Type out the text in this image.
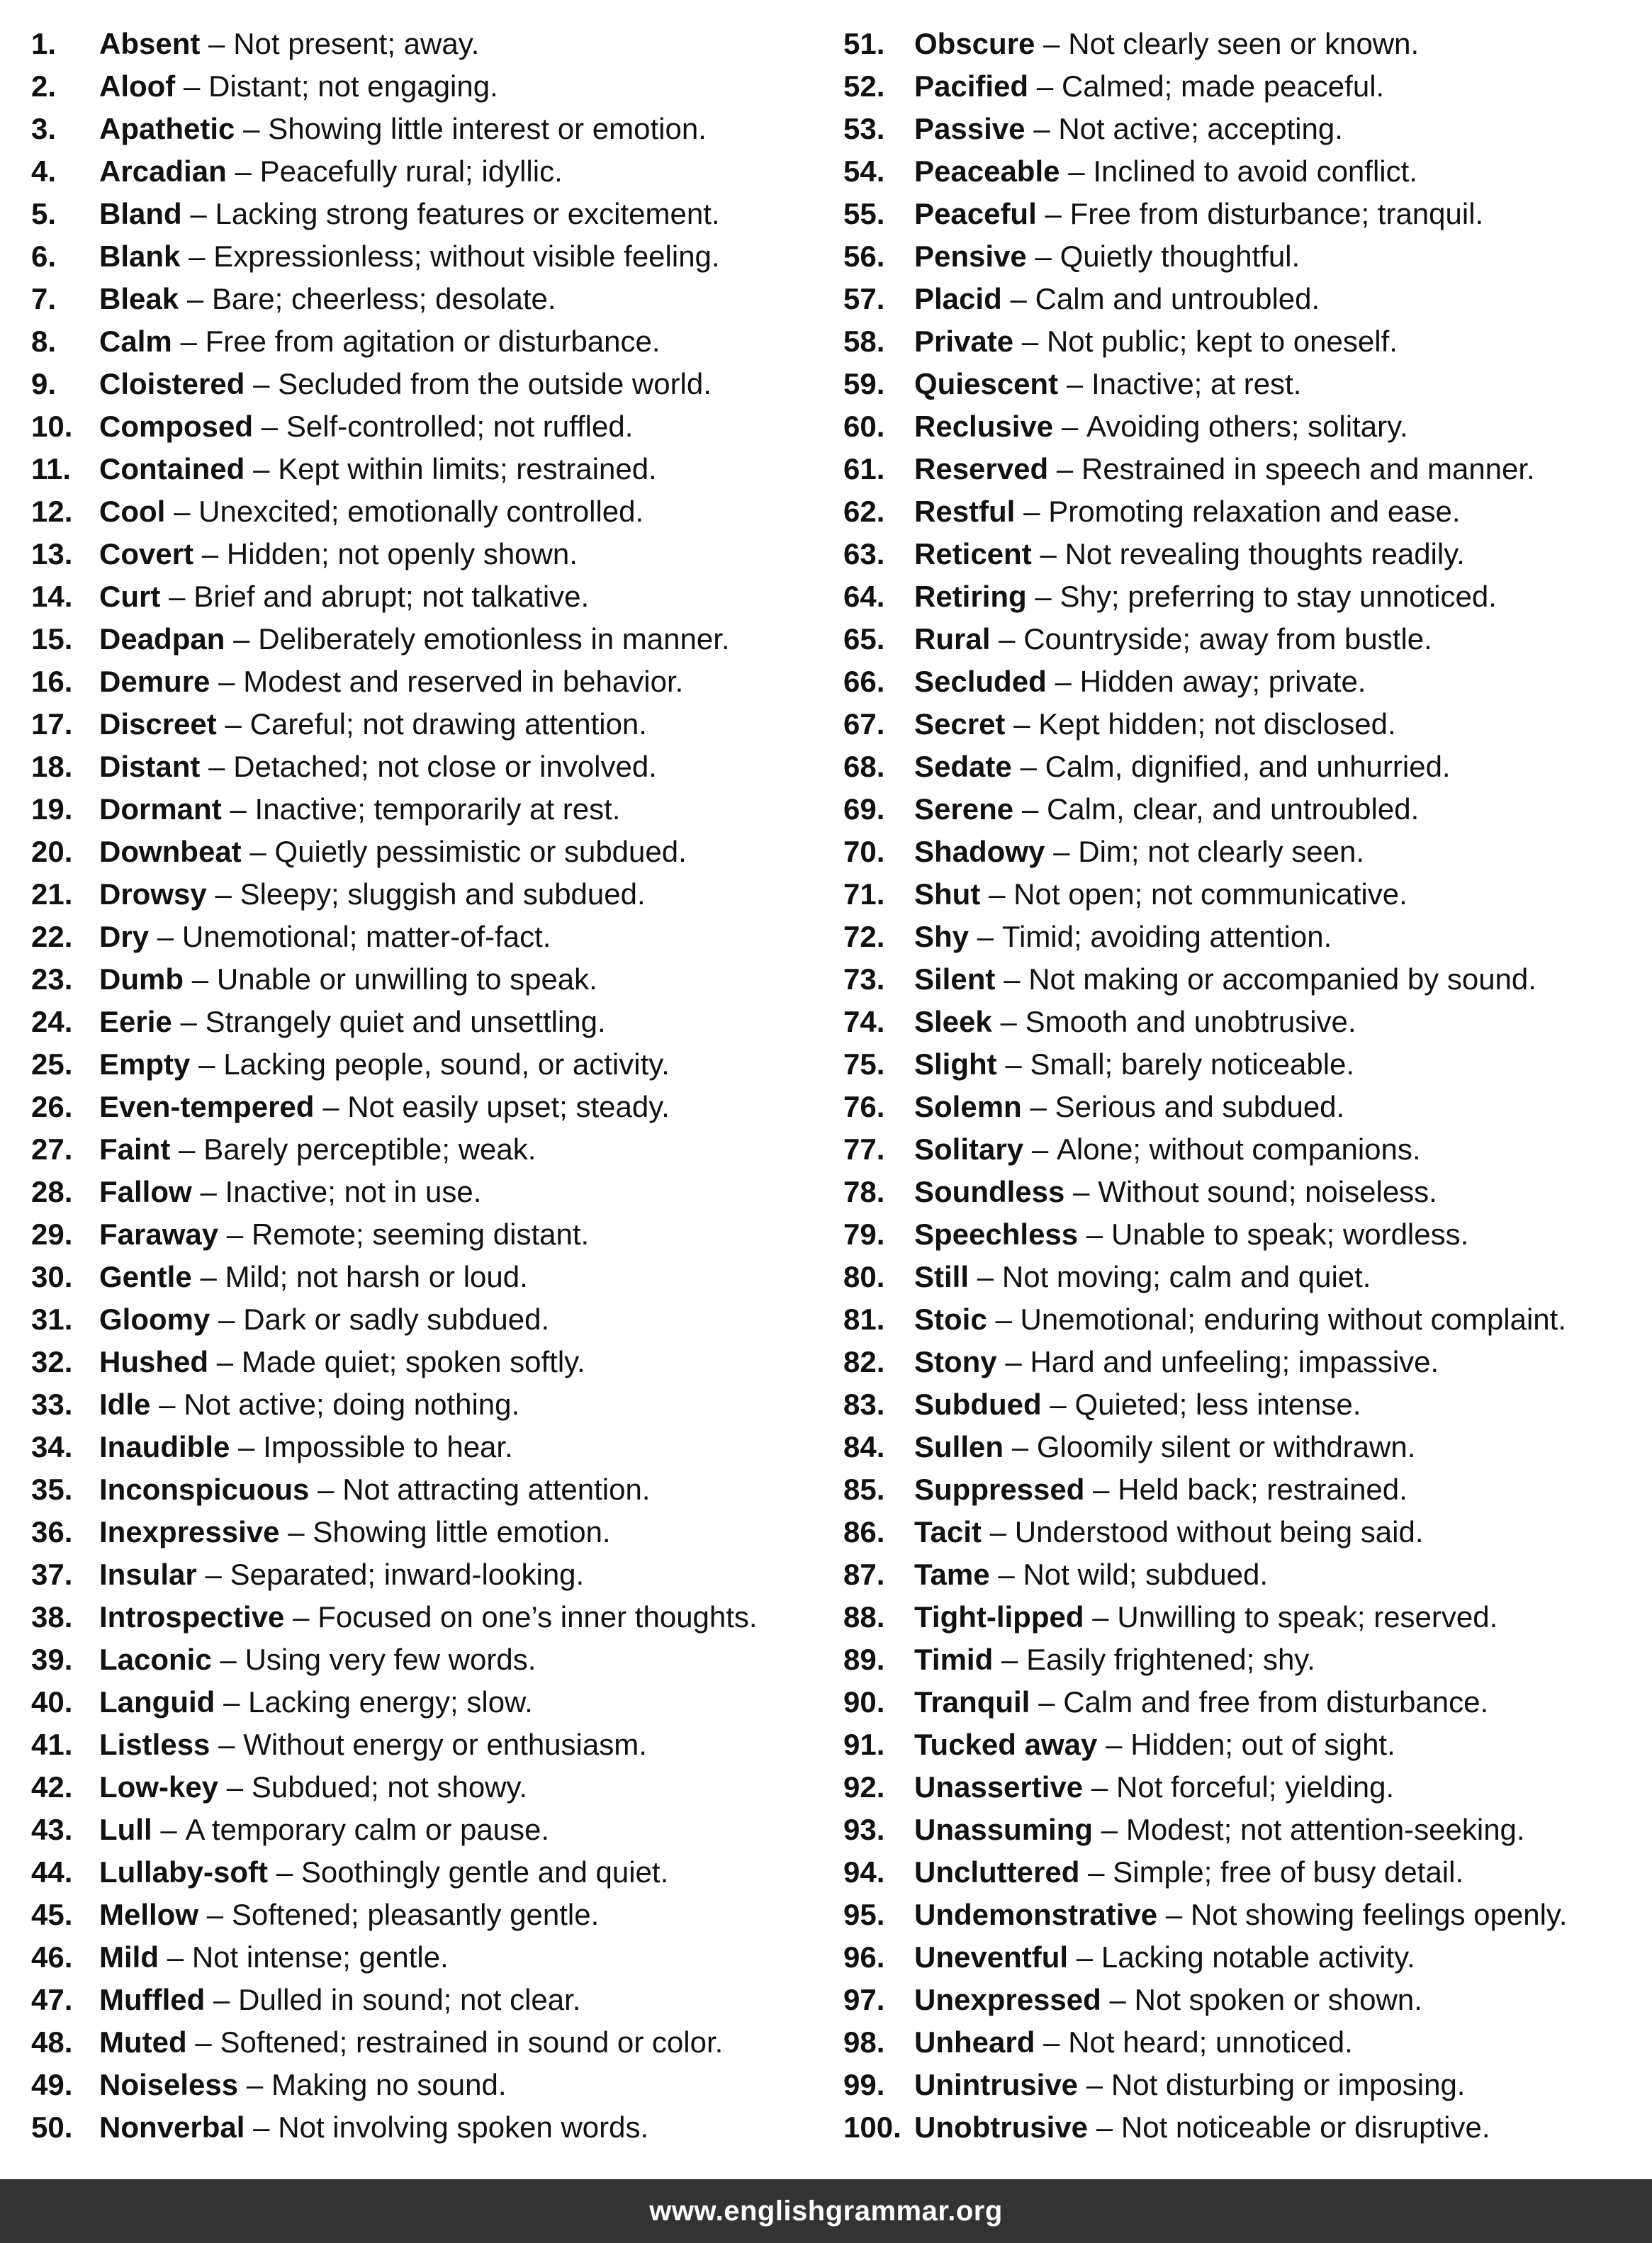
1.	Absent – Not present; away.
2.	Aloof – Distant; not engaging.
3.	Apathetic – Showing little interest or emotion.
4.	Arcadian – Peacefully rural; idyllic.
5.	Bland – Lacking strong features or excitement.
6.	Blank – Expressionless; without visible feeling.
7.	Bleak – Bare; cheerless; desolate.
8.	Calm – Free from agitation or disturbance.
9.	Cloistered – Secluded from the outside world.
10. Composed – Self-controlled; not ruffled.
11. Contained – Kept within limits; restrained.
12. Cool – Unexcited; emotionally controlled.
13. Covert – Hidden; not openly shown.
14. Curt – Brief and abrupt; not talkative.
15. Deadpan – Deliberately emotionless in manner.
16. Demure – Modest and reserved in behavior.
17. Discreet – Careful; not drawing attention.
18. Distant – Detached; not close or involved.
19. Dormant – Inactive; temporarily at rest.
20. Downbeat – Quietly pessimistic or subdued.
21. Drowsy – Sleepy; sluggish and subdued.
22. Dry – Unemotional; matter-of-fact.
23. Dumb – Unable or unwilling to speak.
24. Eerie – Strangely quiet and unsettling.
25. Empty – Lacking people, sound, or activity.
26. Even-tempered – Not easily upset; steady.
27. Faint – Barely perceptible; weak.
28. Fallow – Inactive; not in use.
29. Faraway – Remote; seeming distant.
30. Gentle – Mild; not harsh or loud.
31. Gloomy – Dark or sadly subdued.
32. Hushed – Made quiet; spoken softly.
33. Idle – Not active; doing nothing.
34. Inaudible – Impossible to hear.
35. Inconspicuous – Not attracting attention.
36. Inexpressive – Showing little emotion.
37. Insular – Separated; inward-looking.
38. Introspective – Focused on one’s inner thoughts.
39. Laconic – Using very few words.
40. Languid – Lacking energy; slow.
41. Listless – Without energy or enthusiasm.
42. Low-key – Subdued; not showy.
43. Lull – A temporary calm or pause.
44. Lullaby-soft – Soothingly gentle and quiet.
45. Mellow – Softened; pleasantly gentle.
46. Mild – Not intense; gentle.
47. Muffled – Dulled in sound; not clear.
48. Muted – Softened; restrained in sound or color.
49. Noiseless – Making no sound.
50. Nonverbal – Not involving spoken words.
51. Obscure – Not clearly seen or known.
52. Pacified – Calmed; made peaceful.
53. Passive – Not active; accepting.
54. Peaceable – Inclined to avoid conflict.
55. Peaceful – Free from disturbance; tranquil.
56. Pensive – Quietly thoughtful.
57. Placid – Calm and untroubled.
58. Private – Not public; kept to oneself.
59. Quiescent – Inactive; at rest.
60. Reclusive – Avoiding others; solitary.
61. Reserved – Restrained in speech and manner.
62. Restful – Promoting relaxation and ease.
63. Reticent – Not revealing thoughts readily.
64. Retiring – Shy; preferring to stay unnoticed.
65. Rural – Countryside; away from bustle.
66. Secluded – Hidden away; private.
67. Secret – Kept hidden; not disclosed.
68. Sedate – Calm, dignified, and unhurried.
69. Serene – Calm, clear, and untroubled.
70. Shadowy – Dim; not clearly seen.
71. Shut – Not open; not communicative.
72. Shy – Timid; avoiding attention.
73. Silent – Not making or accompanied by sound.
74. Sleek – Smooth and unobtrusive.
75. Slight – Small; barely noticeable.
76. Solemn – Serious and subdued.
77. Solitary – Alone; without companions.
78. Soundless – Without sound; noiseless.
79. Speechless – Unable to speak; wordless.
80. Still – Not moving; calm and quiet.
81. Stoic – Unemotional; enduring without complaint.
82. Stony – Hard and unfeeling; impassive.
83. Subdued – Quieted; less intense.
84. Sullen – Gloomily silent or withdrawn.
85. Suppressed – Held back; restrained.
86. Tacit – Understood without being said.
87. Tame – Not wild; subdued.
88. Tight-lipped – Unwilling to speak; reserved.
89. Timid – Easily frightened; shy.
90. Tranquil – Calm and free from disturbance.
91. Tucked away – Hidden; out of sight.
92. Unassertive – Not forceful; yielding.
93. Unassuming – Modest; not attention-seeking.
94. Uncluttered – Simple; free of busy detail.
95. Undemonstrative – Not showing feelings openly.
96. Uneventful – Lacking notable activity.
97. Unexpressed – Not spoken or shown.
98. Unheard – Not heard; unnoticed.
99. Unintrusive – Not disturbing or imposing.
100. Unobtrusive – Not noticeable or disruptive.
www.englishgrammar.org
